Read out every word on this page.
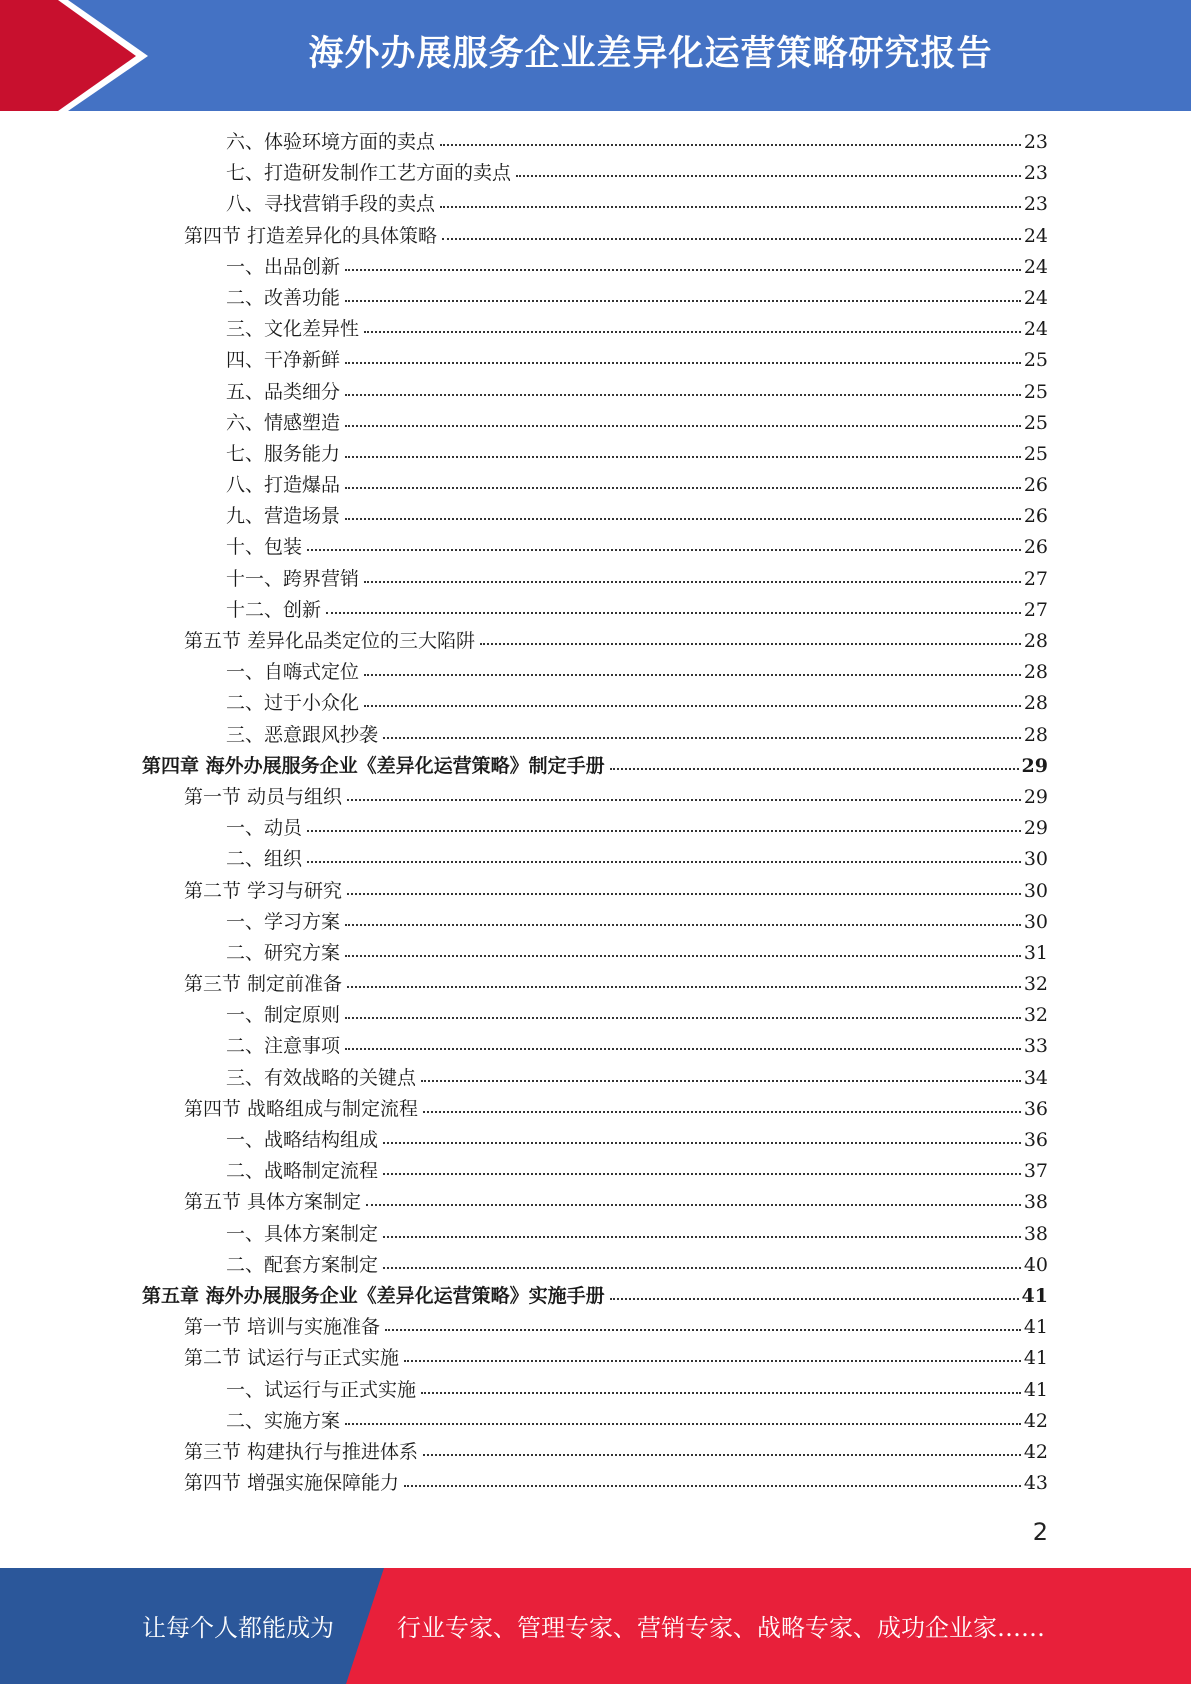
海外办展服务企业差异化运营策略研究报告
六、体验环境方面的卖点	23
七、打造研发制作工艺方面的卖点	23
八、寻找营销手段的卖点	23
第四节 打造差异化的具体策略	24
一、出品创新	24
二、改善功能	24
三、文化差异性	24
四、干净新鲜	25
五、品类细分	25
六、情感塑造	25
七、服务能力	25
八、打造爆品	26
九、营造场景	26
十、包装	26
十一、跨界营销	27
十二、创新	27
第五节 差异化品类定位的三大陷阱	28
一、自嗨式定位	28
二、过于小众化	28
三、恶意跟风抄袭	28
第四章 海外办展服务企业《差异化运营策略》制定手册	29
第一节 动员与组织	29
一、动员	29
二、组织	30
第二节 学习与研究	30
一、学习方案	30
二、研究方案	31
第三节 制定前准备	32
一、制定原则	32
二、注意事项	33
三、有效战略的关键点	34
第四节 战略组成与制定流程	36
一、战略结构组成	36
二、战略制定流程	37
第五节 具体方案制定	38
一、具体方案制定	38
二、配套方案制定	40
第五章 海外办展服务企业《差异化运营策略》实施手册	41
第一节 培训与实施准备	41
第二节 试运行与正式实施	41
一、试运行与正式实施	41
二、实施方案	42
第三节 构建执行与推进体系	42
第四节 增强实施保障能力	43
2
让每个人都能成为	行业专家、管理专家、营销专家、战略专家、成功企业家……
